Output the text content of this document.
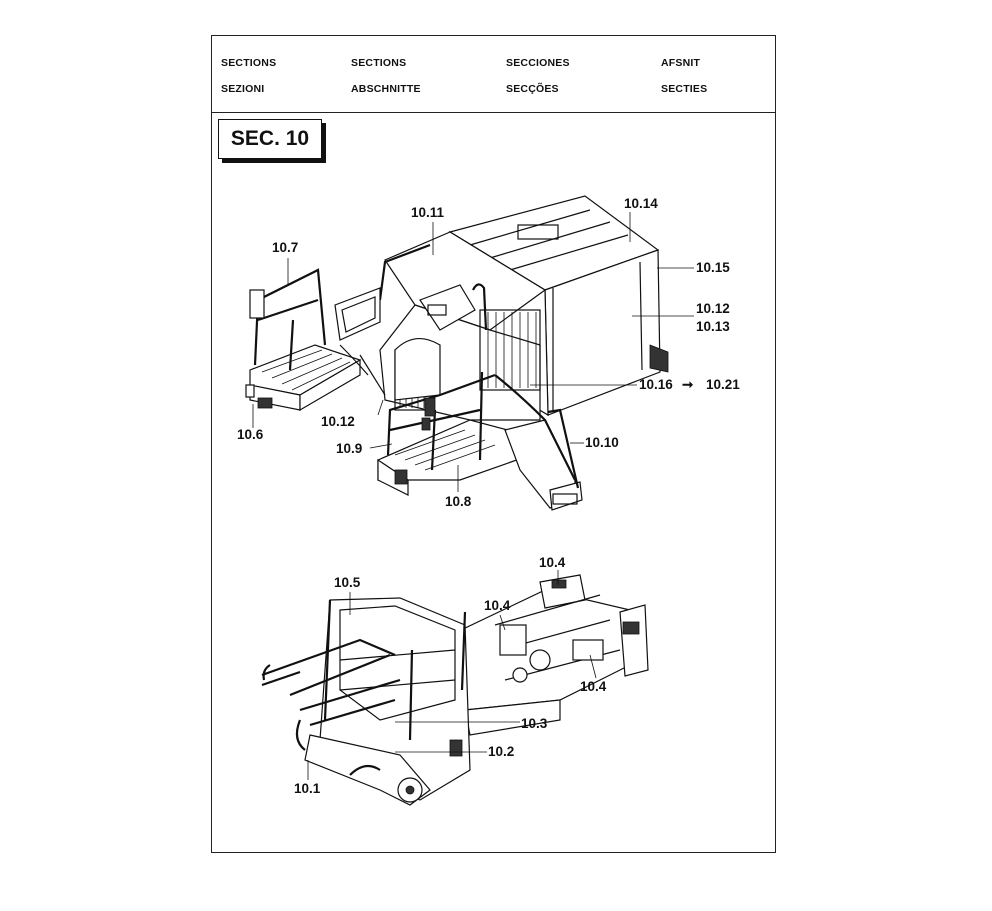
SECTIONS	SECTIONS	SECCIONES	AFSNIT
SEZIONI	ABSCHNITTE	SECÇÕES	SECTIES
SEC. 10
10.11
10.14
10.7
10.15
10.12
10.13
10.16 ➞ 10.21
10.6
10.12
10.9	10.10
10.8
10.4
10.5
10.4
10.4
10.3
10.2
10.1
